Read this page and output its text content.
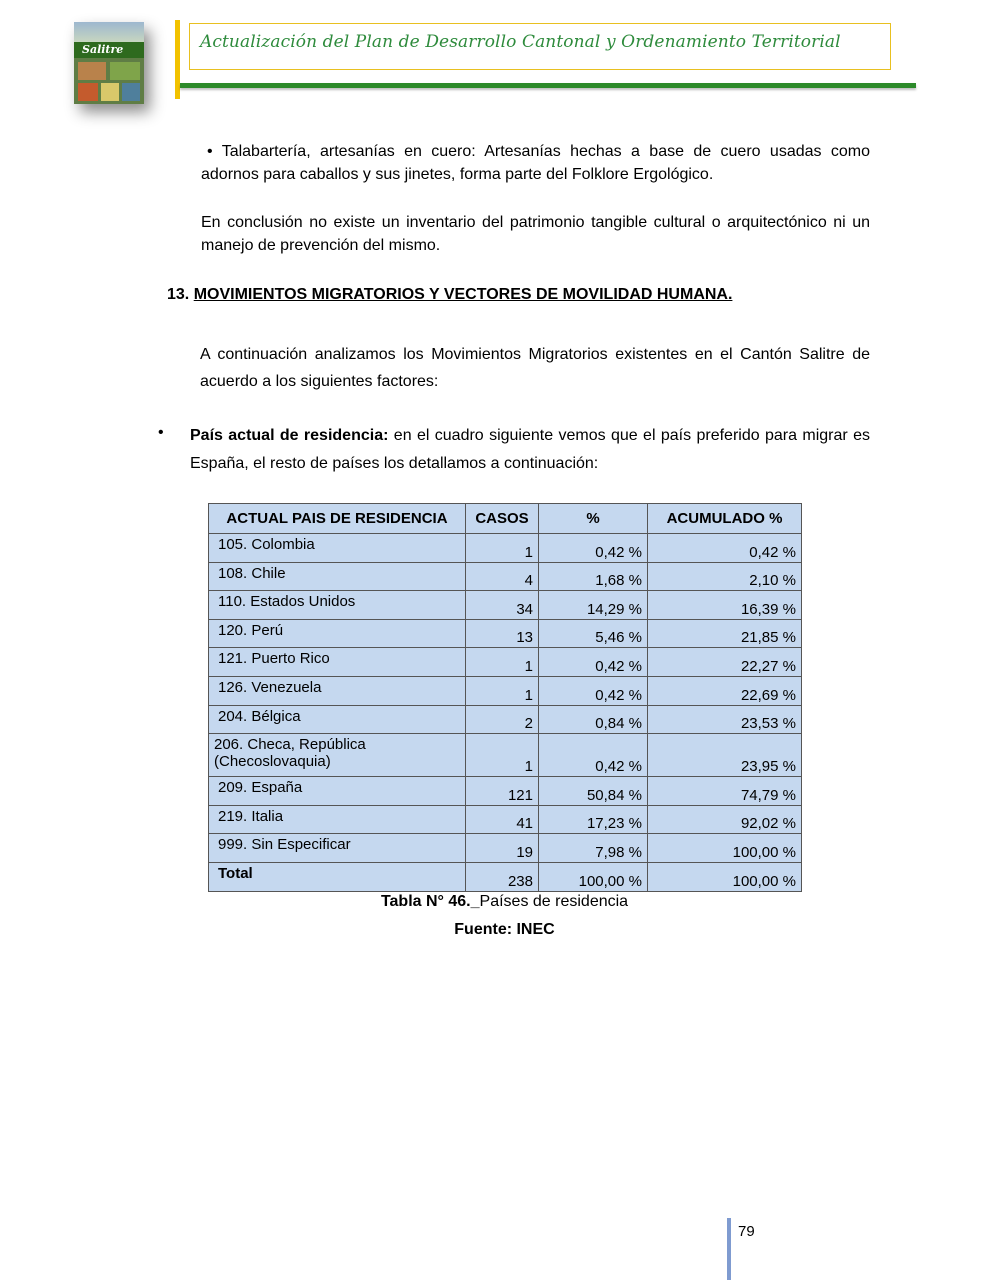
Salitre	Actualización del Plan de Desarrollo Cantonal y Ordenamiento Territorial
• Talabartería, artesanías en cuero: Artesanías hechas a base de cuero usadas como adornos para caballos y sus jinetes, forma parte del Folklore Ergológico.
En conclusión no existe un inventario del patrimonio tangible cultural o arquitectónico ni un manejo de prevención del mismo.
13. MOVIMIENTOS MIGRATORIOS Y VECTORES DE MOVILIDAD HUMANA.
A continuación analizamos los Movimientos Migratorios existentes en el Cantón Salitre de acuerdo a los siguientes factores:
• País actual de residencia: en el cuadro siguiente vemos que el país preferido para migrar es España, el resto de países los detallamos a continuación:
ACTUAL PAIS DE RESIDENCIA	CASOS	%	ACUMULADO %
105. Colombia	1	0,42 %	0,42 %
108. Chile	4	1,68 %	2,10 %
110. Estados Unidos	34	14,29 %	16,39 %
120. Perú	13	5,46 %	21,85 %
121. Puerto Rico	1	0,42 %	22,27 %
126. Venezuela	1	0,42 %	22,69 %
204. Bélgica	2	0,84 %	23,53 %
206. Checa, República (Checoslovaquia)	1	0,42 %	23,95 %
209. España	121	50,84 %	74,79 %
219. Italia	41	17,23 %	92,02 %
999. Sin Especificar	19	7,98 %	100,00 %
Total	238	100,00 %	100,00 %
Tabla N° 46._Países de residencia
Fuente: INEC
79
